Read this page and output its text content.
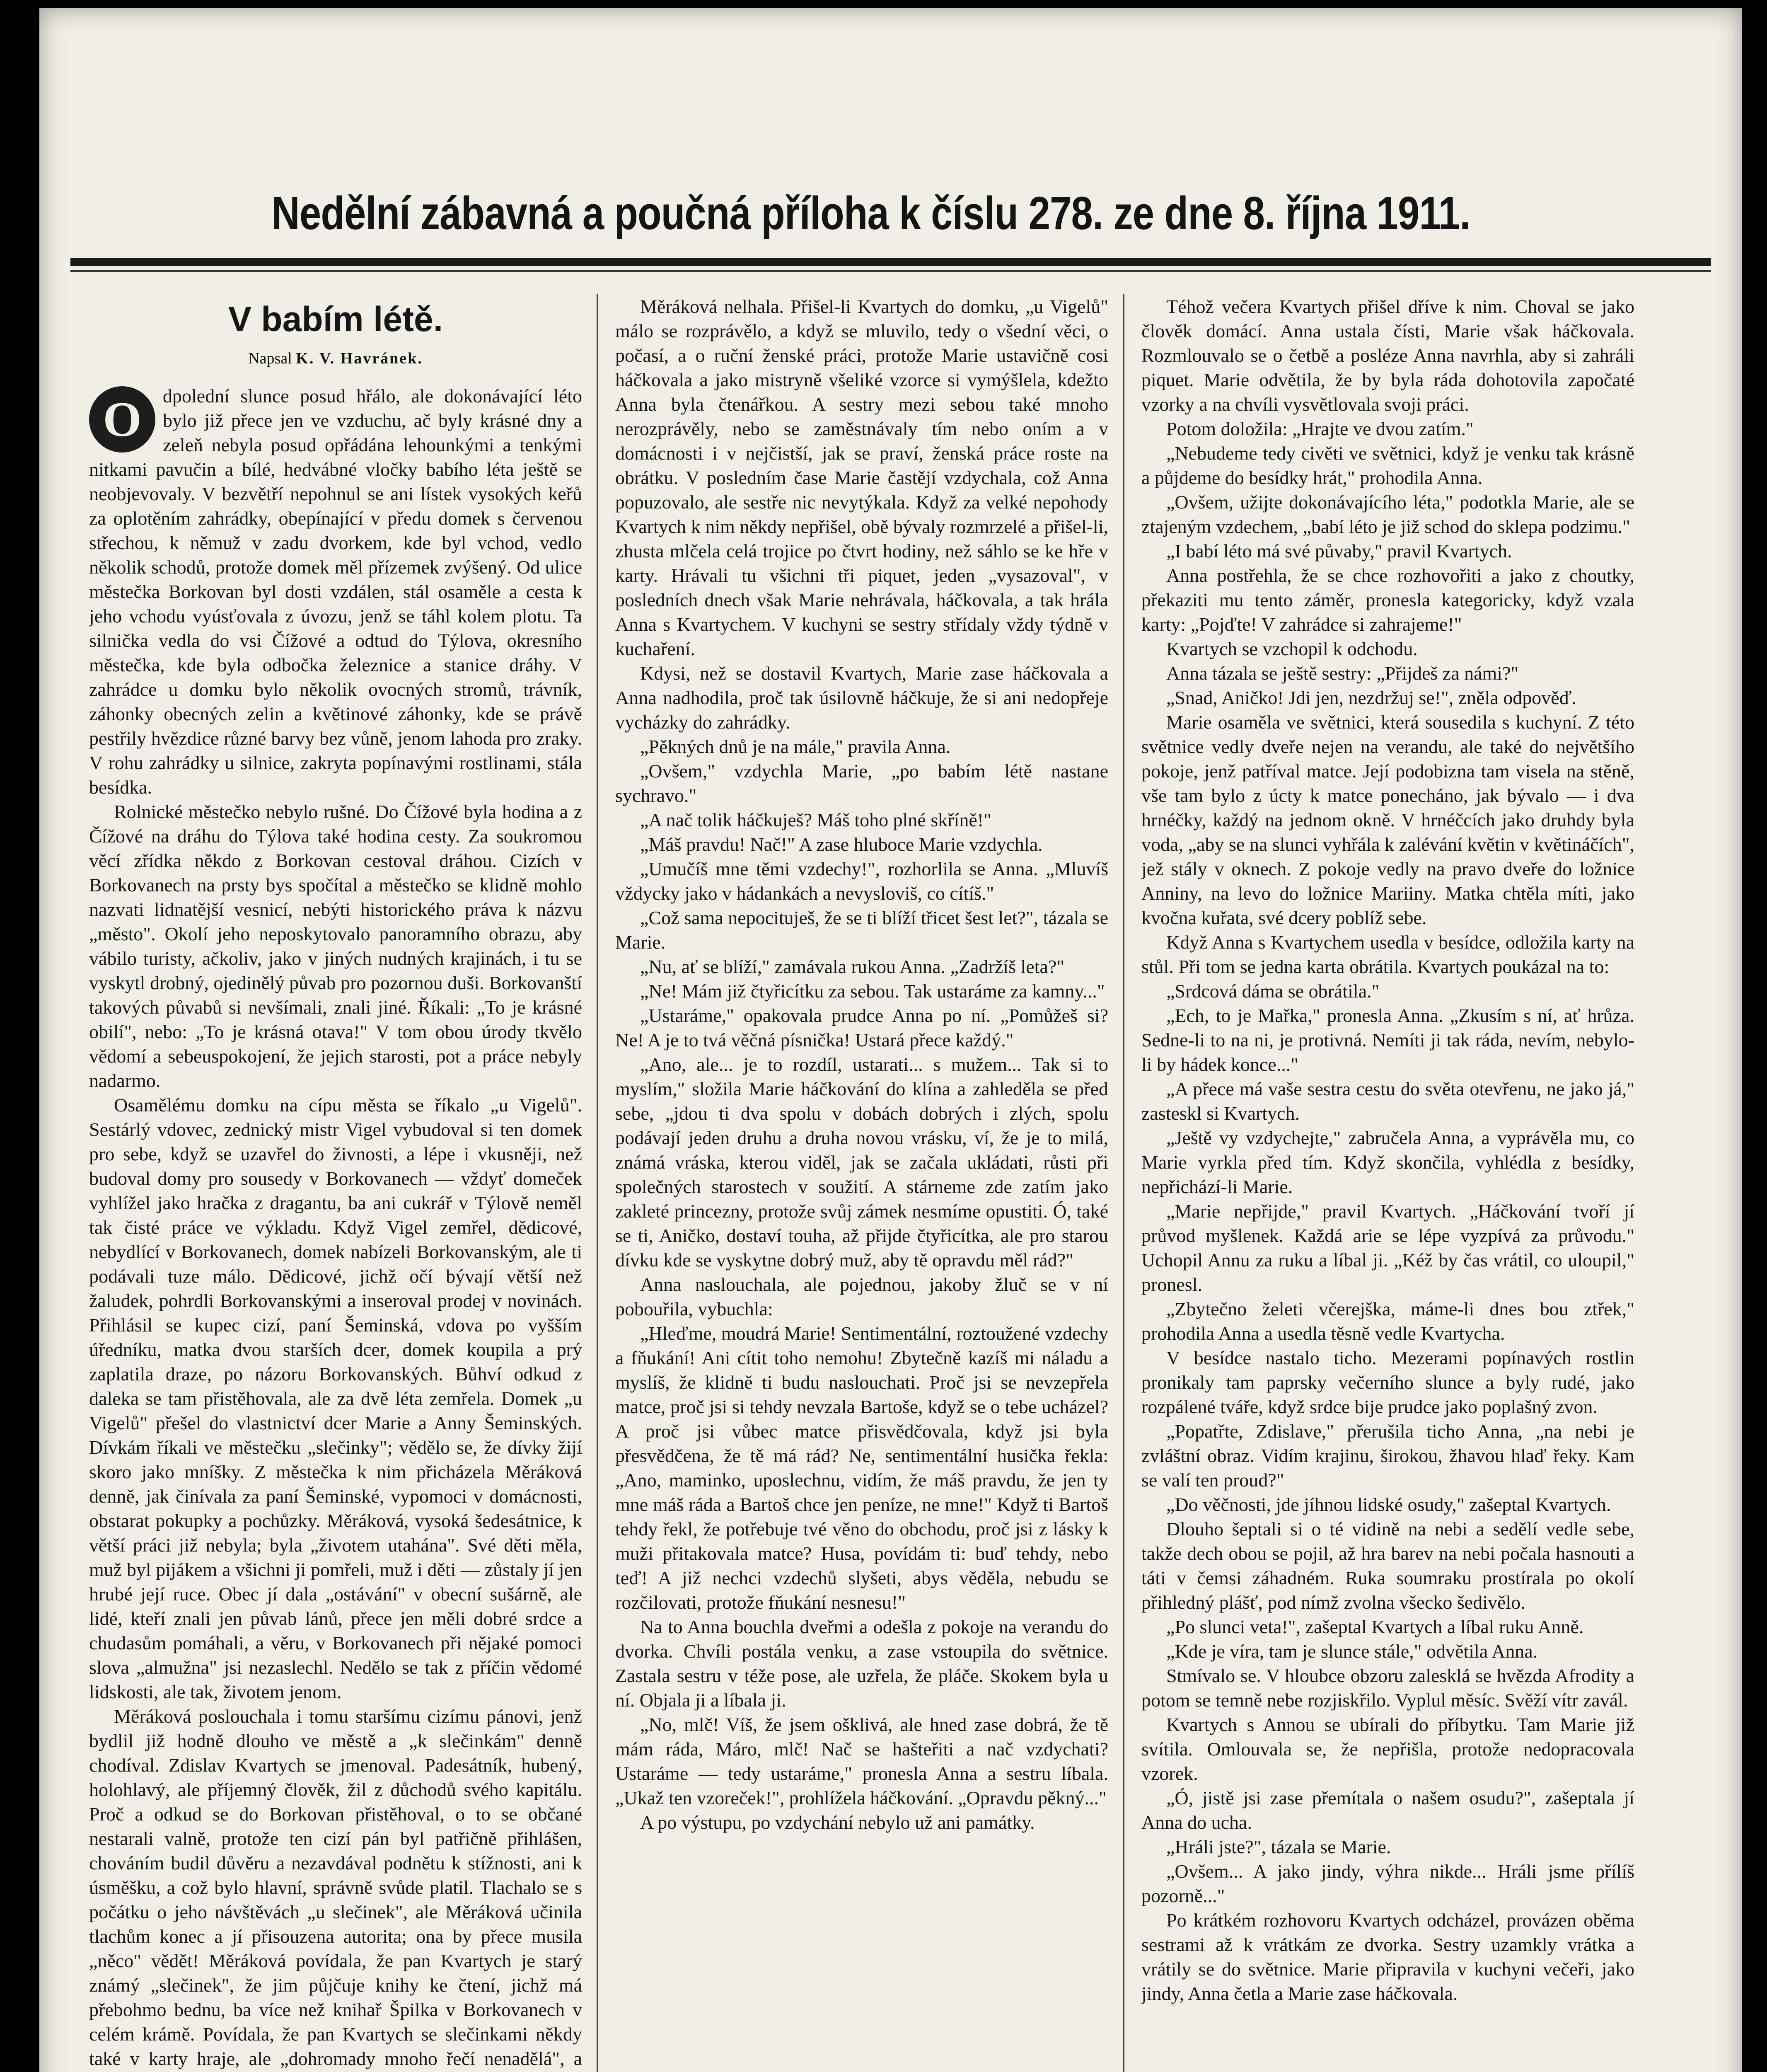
Nedělní zábavná a poučná příloha k číslu 278. ze dne 8. října 1911.
V babím létě.
Napsal K. V. Havránek.
O	dpolední slunce posud hřálo, ale dokonávající léto bylo již přece jen ve vzduchu, ač byly krásné dny a zeleň nebyla posud opřádána lehounkými a tenkými nitkami pavučin a bílé, hedvábné vločky babího léta ještě se neobjevovaly. V bezvětří nepohnul se ani lístek vysokých keřů za oplotěním zahrádky, obepínající v předu domek s červenou střechou, k němuž v zadu dvorkem, kde byl vchod, vedlo několik schodů, protože domek měl přízemek zvýšený. Od ulice městečka Borkovan byl dosti vzdálen, stál osaměle a cesta k jeho vchodu vyúsťovala z úvozu, jenž se táhl kolem plotu. Ta silnička vedla do vsi Čížové a odtud do Týlova, okresního městečka, kde byla odbočka železnice a stanice dráhy. V zahrádce u domku bylo několik ovocných stromů, trávník, záhonky obecných zelin a květinové záhonky, kde se právě pestřily hvězdice různé barvy bez vůně, jenom lahoda pro zraky. V rohu zahrádky u silnice, zakryta popínavými rostlinami, stála besídka.

Rolnické městečko nebylo rušné. Do Čížové byla hodina a z Čížové na dráhu do Týlova také hodina cesty. Za soukromou věcí zřídka někdo z Borkovan cestoval dráhou. Cizích v Borkovanech na prsty bys spočítal a městečko se klidně mohlo nazvati lidnatější vesnicí, nebýti historického práva k názvu „město". Okolí jeho neposkytovalo panoramního obrazu, aby vábilo turisty, ačkoliv, jako v jiných nudných krajinách, i tu se vyskytl drobný, ojedinělý půvab pro pozornou duši. Borkovanští takových půvabů si nevšímali, znali jiné. Říkali: „To je krásné obilí", nebo: „To je krásná otava!" V tom obou úrody tkvělo vědomí a sebeuspokojení, že jejich starosti, pot a práce nebyly nadarmo.

Osamělému domku na cípu města se říkalo „u Vigelů". Sestárlý vdovec, zednický mistr Vigel vybudoval si ten domek pro sebe, když se uzavřel do živnosti, a lépe i vkusněji, než budoval domy pro sousedy v Borkovanech — vždyť domeček vyhlížel jako hračka z dragantu, ba ani cukrář v Týlově neměl tak čisté práce ve výkladu. Když Vigel zemřel, dědicové, nebydlící v Borkovanech, domek nabízeli Borkovanským, ale ti podávali tuze málo. Dědicové, jichž očí bývají větší než žaludek, pohrdli Borkovanskými a inseroval prodej v novinách. Přihlásil se kupec cizí, paní Šeminská, vdova po vyšším úředníku, matka dvou starších dcer, domek koupila a prý zaplatila draze, po názoru Borkovanských. Bůhví odkud z daleka se tam přistěhovala, ale za dvě léta zemřela. Domek „u Vigelů" přešel do vlastnictví dcer Marie a Anny Šeminských. Dívkám říkali ve městečku „slečinky"; vědělo se, že dívky žijí skoro jako mníšky. Z městečka k nim přicházela Měráková denně, jak činívala za paní Šeminské, vypomoci v domácnosti, obstarat pokupky a pochůzky. Měráková, vysoká šedesátnice, k větší práci již nebyla; byla „životem utahána". Své děti měla, muž byl pijákem a všichni ji pomřeli, muž i děti — zůstaly jí jen hrubé její ruce. Obec jí dala „ostávání" v obecní sušárně, ale lidé, kteří znali jen půvab lánů, přece jen měli dobré srdce a chudasům pomáhali, a věru, v Borkovanech při nějaké pomoci slova „almužna" jsi nezaslechl. Nedělo se tak z příčin vědomé lidskosti, ale tak, životem jenom.

Měráková poslouchala i tomu staršímu cizímu pánovi, jenž bydlil již hodně dlouho ve městě a „k slečinkám" denně chodíval. Zdislav Kvartych se jmenoval. Padesátník, hubený, holohlavý, ale příjemný člověk, žil z důchodů svého kapitálu. Proč a odkud se do Borkovan přistěhoval, o to se občané nestarali valně, protože ten cizí pán byl patřičně přihlášen, chováním budil důvěru a nezavdával podnětu k stížnosti, ani k úsměšku, a což bylo hlavní, správně svůde platil. Tlachalo se s počátku o jeho návštěvách „u slečinek", ale Měráková učinila tlachům konec a jí přisouzena autorita; ona by přece musila „něco" vědět! Měráková povídala, že pan Kvartych je starý známý „slečinek", že jim půjčuje knihy ke čtení, jichž má přebohmo bednu, ba více než knihař Špilka v Borkovanech v celém krámě. Povídala, že pan Kvartych se slečinkami někdy také v karty hraje, ale „dohromady mnoho řečí nenadělá", a

Měráková nelhala. Přišel-li Kvartych do domku, „u Vigelů" málo se rozprávělo, a když se mluvilo, tedy o všední věci, o počasí, a o ruční ženské práci, protože Marie ustavičně cosi háčkovala a jako mistryně všeliké vzorce si vymýšlela, kdežto Anna byla čtenářkou. A sestry mezi sebou také mnoho nerozprávěly, nebo se zaměstnávaly tím nebo oním a v domácnosti i v nejčistší, jak se praví, ženská práce roste na obrátku. V posledním čase Marie častějí vzdychala, což Anna popuzovalo, ale sestře nic nevytýkala. Když za velké nepohody Kvartych k nim někdy nepřišel, obě bývaly rozmrzelé a přišel-li, zhusta mlčela celá trojice po čtvrt hodiny, než sáhlo se ke hře v karty. Hrávali tu všichni tři piquet, jeden „vysazoval", v posledních dnech však Marie nehrávala, háčkovala, a tak hrála Anna s Kvartychem. V kuchyni se sestry střídaly vždy týdně v kuchaření.

Kdysi, než se dostavil Kvartych, Marie zase háčkovala a Anna nadhodila, proč tak úsilovně háčkuje, že si ani nedopřeje vycházky do zahrádky.

„Pěkných dnů je na mále," pravila Anna.

„Ovšem," vzdychla Marie, „po babím létě nastane sychravo."

„A nač tolik háčkuješ? Máš toho plné skříně!"

„Máš pravdu! Nač!" A zase hluboce Marie vzdychla.

„Umučíš mne těmi vzdechy!", rozhorlila se Anna. „Mluvíš vždycky jako v hádankách a nevysloviš, co cítíš."

„Což sama nepocituješ, že se ti blíží třicet šest let?", tázala se Marie.

„Nu, ať se blíží," zamávala rukou Anna. „Zadržíš leta?"

„Ne! Mám již čtyřicítku za sebou. Tak ustaráme za kamny..."

„Ustaráme," opakovala prudce Anna po ní. „Pomůžeš si? Ne! A je to tvá věčná písnička! Ustará přece každý."

„Ano, ale... je to rozdíl, ustarati... s mužem... Tak si to myslím," složila Marie háčkování do klína a zahleděla se před sebe, „jdou ti dva spolu v dobách dobrých i zlých, spolu podávají jeden druhu a druha novou vrásku, ví, že je to milá, známá vráska, kterou viděl, jak se začala ukládati, růsti při společných starostech v soužití. A stárneme zde zatím jako zakleté princezny, protože svůj zámek nesmíme opustiti. Ó, také se ti, Aničko, dostaví touha, až přijde čtyřicítka, ale pro starou dívku kde se vyskytne dobrý muž, aby tě opravdu měl rád?"

Anna naslouchala, ale pojednou, jakoby žluč se v ní pobouřila, vybuchla:

„Hleďme, moudrá Marie! Sentimentální, roztoužené vzdechy a fňukání! Ani cítit toho nemohu! Zbytečně kazíš mi náladu a myslíš, že klidně ti budu naslouchati. Proč jsi se nevzepřela matce, proč jsi si tehdy nevzala Bartoše, když se o tebe ucházel? A proč jsi vůbec matce přisvědčovala, když jsi byla přesvědčena, že tě má rád? Ne, sentimentální husička řekla: „Ano, maminko, uposlechnu, vidím, že máš pravdu, že jen ty mne máš ráda a Bartoš chce jen peníze, ne mne!" Když ti Bartoš tehdy řekl, že potřebuje tvé věno do obchodu, proč jsi z lásky k muži přitakovala matce? Husa, povídám ti: buď tehdy, nebo teď! A již nechci vzdechů slyšeti, abys věděla, nebudu se rozčilovati, protože fňukání nesnesu!"

Na to Anna bouchla dveřmi a odešla z pokoje na verandu do dvorka. Chvíli postála venku, a zase vstoupila do světnice. Zastala sestru v téže pose, ale uzřela, že pláče. Skokem byla u ní. Objala ji a líbala ji.

„No, mlč! Víš, že jsem ošklivá, ale hned zase dobrá, že tě mám ráda, Máro, mlč! Nač se hašteřiti a nač vzdychati? Ustaráme — tedy ustaráme," pronesla Anna a sestru líbala. „Ukaž ten vzoreček!", prohlížela háčkování. „Opravdu pěkný..."

A po výstupu, po vzdychání nebylo už ani památky.

Téhož večera Kvartych přišel dříve k nim. Choval se jako člověk domácí. Anna ustala čísti, Marie však háčkovala. Rozmlouvalo se o četbě a posléze Anna navrhla, aby si zahráli piquet. Marie odvětila, že by byla ráda dohotovila započaté vzorky a na chvíli vysvětlovala svoji práci.

Potom doložila: „Hrajte ve dvou zatím."

„Nebudeme tedy civěti ve světnici, když je venku tak krásně a půjdeme do besídky hrát," prohodila Anna.

„Ovšem, užijte dokonávajícího léta," podotkla Marie, ale se ztajeným vzdechem, „babí léto je již schod do sklepa podzimu."

„I babí léto má své půvaby," pravil Kvartych.

Anna postřehla, že se chce rozhovořiti a jako z choutky, překaziti mu tento záměr, pronesla kategoricky, když vzala karty: „Pojďte! V zahrádce si zahrajeme!"

Kvartych se vzchopil k odchodu.

Anna tázala se ještě sestry: „Přijdeš za námi?"

„Snad, Aničko! Jdi jen, nezdržuj se!", zněla odpověď.

Marie osaměla ve světnici, která sousedila s kuchyní. Z této světnice vedly dveře nejen na verandu, ale také do největšího pokoje, jenž patříval matce. Její podobizna tam visela na stěně, vše tam bylo z úcty k matce ponecháno, jak bývalo — i dva hrnéčky, každý na jednom okně. V hrnéčcích jako druhdy byla voda, „aby se na slunci vyhřála k zalévání květin v květináčích", jež stály v oknech. Z pokoje vedly na pravo dveře do ložnice Anniny, na levo do ložnice Mariiny. Matka chtěla míti, jako kvočna kuřata, své dcery poblíž sebe.

Když Anna s Kvartychem usedla v besídce, odložila karty na stůl. Při tom se jedna karta obrátila. Kvartych poukázal na to:

„Srdcová dáma se obrátila."

„Ech, to je Mařka," pronesla Anna. „Zkusím s ní, ať hrůza. Sedne-li to na ni, je protivná. Nemíti ji tak ráda, nevím, nebylo-li by hádek konce..."

„A přece má vaše sestra cestu do světa otevřenu, ne jako já," zasteskl si Kvartych.

„Ještě vy vzdychejte," zabručela Anna, a vyprávěla mu, co Marie vyrkla před tím. Když skončila, vyhlédla z besídky, nepřichází-li Marie.

„Marie nepřijde," pravil Kvartych. „Háčkování tvoří jí průvod myšlenek. Každá arie se lépe vyzpívá za průvodu." Uchopil Annu za ruku a líbal ji. „Kéž by čas vrátil, co uloupil," pronesl.

„Zbytečno želeti včerejška, máme-li dnes bou ztřek," prohodila Anna a usedla těsně vedle Kvartycha.

V besídce nastalo ticho. Mezerami popínavých rostlin pronikaly tam paprsky večerního slunce a byly rudé, jako rozpálené tváře, když srdce bije prudce jako poplašný zvon.

„Popatřte, Zdislave," přerušila ticho Anna, „na nebi je zvláštní obraz. Vidím krajinu, širokou, žhavou hlaď řeky. Kam se valí ten proud?"

„Do věčnosti, jde jíhnou lidské osudy," zašeptal Kvartych.

Dlouho šeptali si o té vidině na nebi a sedělí vedle sebe, takže dech obou se pojil, až hra barev na nebi počala hasnouti a táti v čemsi záhadném. Ruka soumraku prostírala po okolí přihledný plášť, pod nímž zvolna všecko šedivělo.

„Po slunci veta!", zašeptal Kvartych a líbal ruku Anně.

„Kde je víra, tam je slunce stále," odvětila Anna.

Stmívalo se. V hloubce obzoru zalesklá se hvězda Afrodity a potom se temně nebe rozjiskřilo. Vyplul měsíc. Svěží vítr zavál.

Kvartych s Annou se ubírali do příbytku. Tam Marie již svítila. Omlouvala se, že nepřišla, protože nedopracovala vzorek.

„Ó, jistě jsi zase přemítala o našem osudu?", zašeptala jí Anna do ucha.

„Hráli jste?", tázala se Marie.

„Ovšem... A jako jindy, výhra nikde... Hráli jsme přílíš pozorně..."

Po krátkém rozhovoru Kvartych odcházel, provázen oběma sestrami až k vrátkám ze dvorka. Sestry uzamkly vrátka a vrátily se do světnice. Marie připravila v kuchyni večeři, jako jindy, Anna četla a Marie zase háčkovala.
